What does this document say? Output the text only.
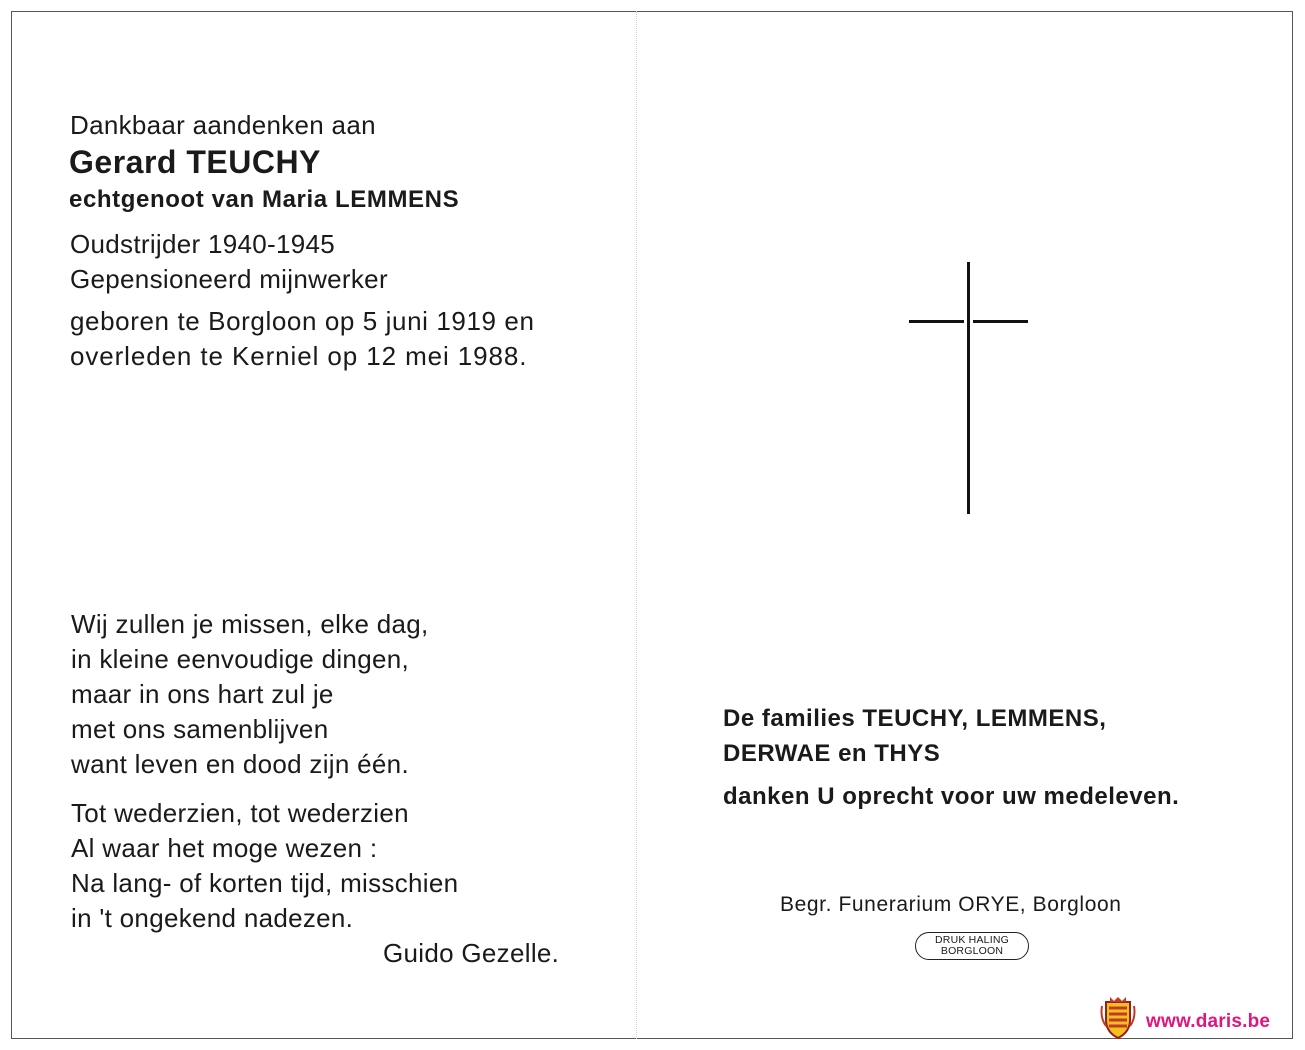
Dankbaar aandenken aan
Gerard TEUCHY
echtgenoot van Maria LEMMENS
Oudstrijder 1940-1945
Gepensioneerd mijnwerker
geboren te Borgloon op 5 juni 1919 en
overleden te Kerniel op 12 mei 1988.
Wij zullen je missen, elke dag,
in kleine eenvoudige dingen,
maar in ons hart zul je
met ons samenblijven
want leven en dood zijn één.
Tot wederzien, tot wederzien
Al waar het moge wezen :
Na lang- of korten tijd, misschien
in 't ongekend nadezen.
Guido Gezelle.
De families TEUCHY, LEMMENS,
DERWAE en THYS
danken U oprecht voor uw medeleven.
Begr. Funerarium ORYE, Borgloon
DRUK HALING
BORGLOON
www.daris.be
